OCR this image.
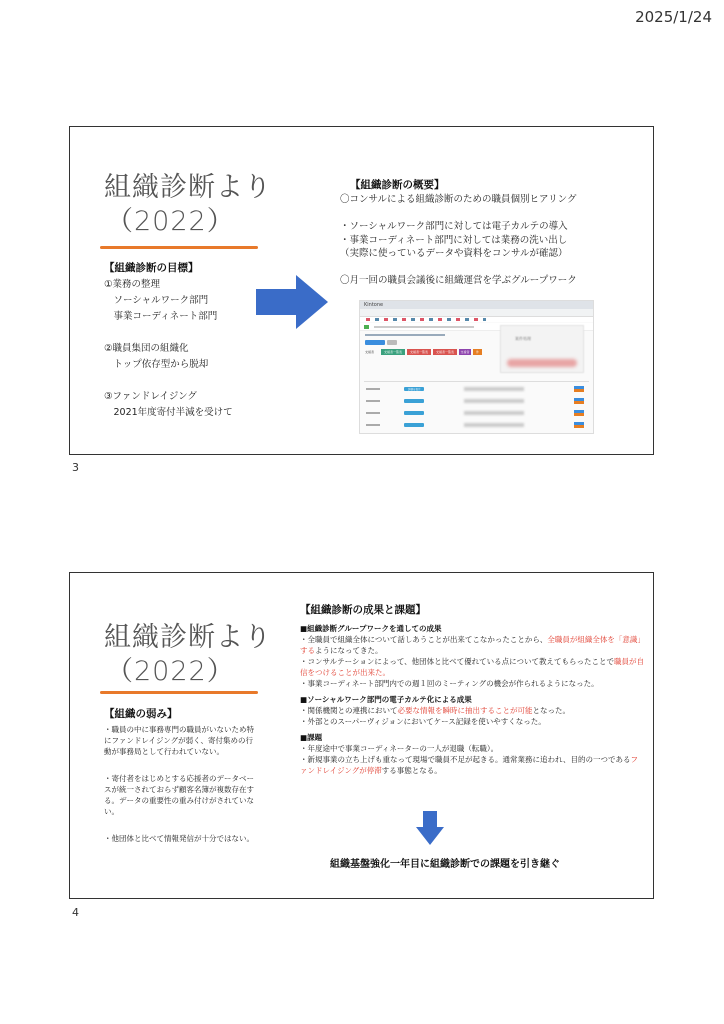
2025/1/24
組織診断より
（2022）
【組織診断の目標】
①業務の整理
　ソーシャルワーク部門
　事業コーディネート部門

②職員集団の組織化
　トップ依存型から脱却

③ファンドレイジング
　2021年度寄付半減を受けて
【組織診断の概要】
〇コンサルによる組織診断のための職員個別ヒアリング

・ソーシャルワーク部門に対しては電子カルテの導入
・事業コーディネート部門に対しては業務の洗い出し
（実際に使っているデータや資料をコンサルが確認）

〇月一回の職員会議後に組織運営を学ぶグループワーク
Kintone
支援者	支援者一覧表	支援者一覧表	支援者一覧表	支援者	件
案件処理
詳細を表示
3
組織診断より
（2022）
【組織の弱み】
・職員の中に事務専門の職員がいないため特にファンドレイジングが弱く、寄付集めの行動が事務局として行われていない。
・寄付者をはじめとする応援者のデータベースが統一されておらず顧客名簿が複数存在する。データの重要性の重み付けがされていない。
・他団体と比べて情報発信が十分ではない。
【組織診断の成果と課題】
■組織診断グループワークを通しての成果
・全職員で組織全体について話しあうことが出来てこなかったことから、全職員が組織全体を「意識」するようになってきた。
・コンサルテーションによって、他団体と比べて優れている点について教えてもらったことで職員が自信をつけることが出来た。
・事業コーディネート部門内での週１回のミーティングの機会が作られるようになった。
■ソーシャルワーク部門の電子カルテ化による成果
・関係機関との連携において必要な情報を瞬時に抽出することが可能となった。
・外部とのスーパーヴィジョンにおいてケース記録を使いやすくなった。
■課題
・年度途中で事業コーディネーターの一人が退職（転職）。
・新規事業の立ち上げも重なって現場で職員不足が起きる。通常業務に追われ、目的の一つであるファンドレイジングが停滞する事態となる。
組織基盤強化一年目に組織診断での課題を引き継ぐ
4
